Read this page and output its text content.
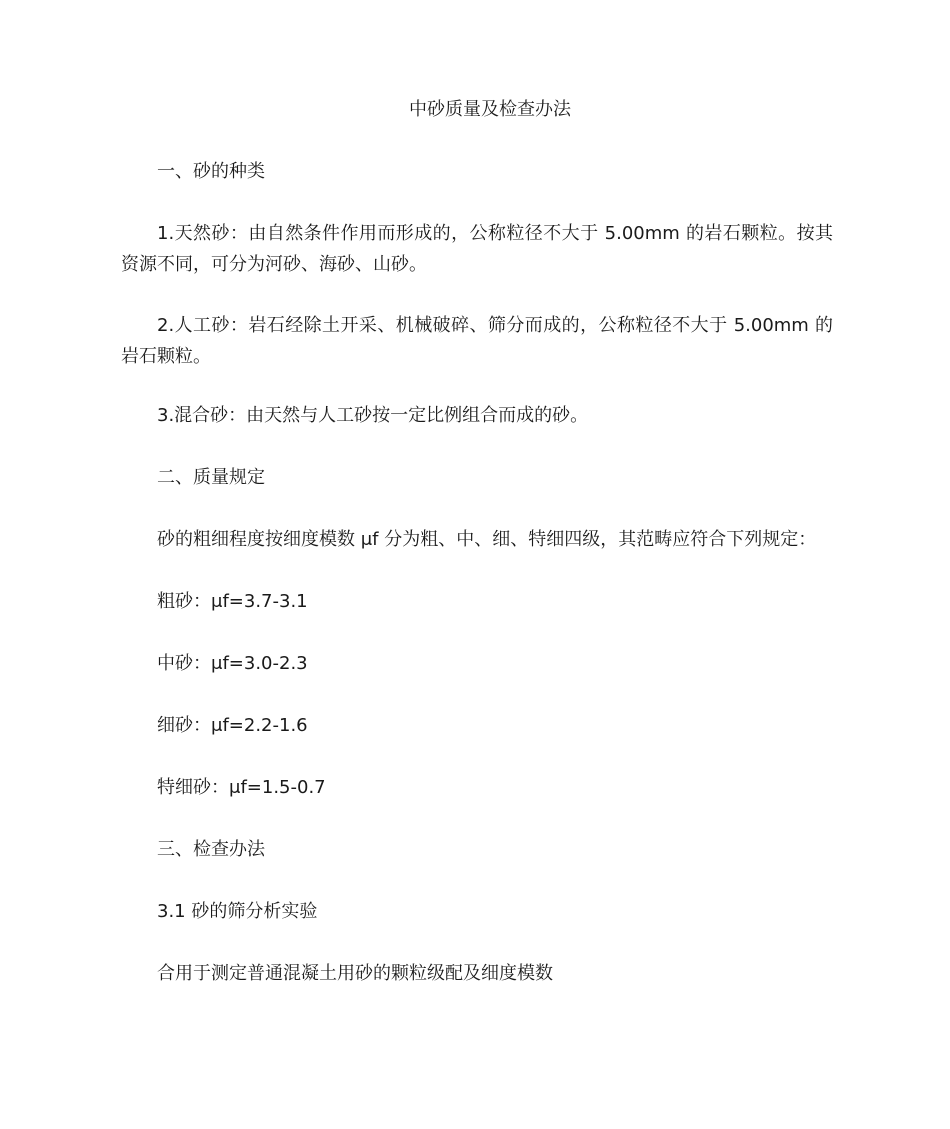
中砂质量及检查办法
一、砂的种类
1.天然砂：由自然条件作用而形成的，公称粒径不大于 5.00mm 的岩石颗粒。按其资源不同，可分为河砂、海砂、山砂。
2.人工砂：岩石经除土开采、机械破碎、筛分而成的，公称粒径不大于 5.00mm 的岩石颗粒。
3.混合砂：由天然与人工砂按一定比例组合而成的砂。
二、质量规定
砂的粗细程度按细度模数 μf 分为粗、中、细、特细四级，其范畴应符合下列规定：
粗砂：μf=3.7-3.1
中砂：μf=3.0-2.3
细砂：μf=2.2-1.6
特细砂：μf=1.5-0.7
三、检查办法
3.1 砂的筛分析实验
合用于测定普通混凝土用砂的颗粒级配及细度模数
